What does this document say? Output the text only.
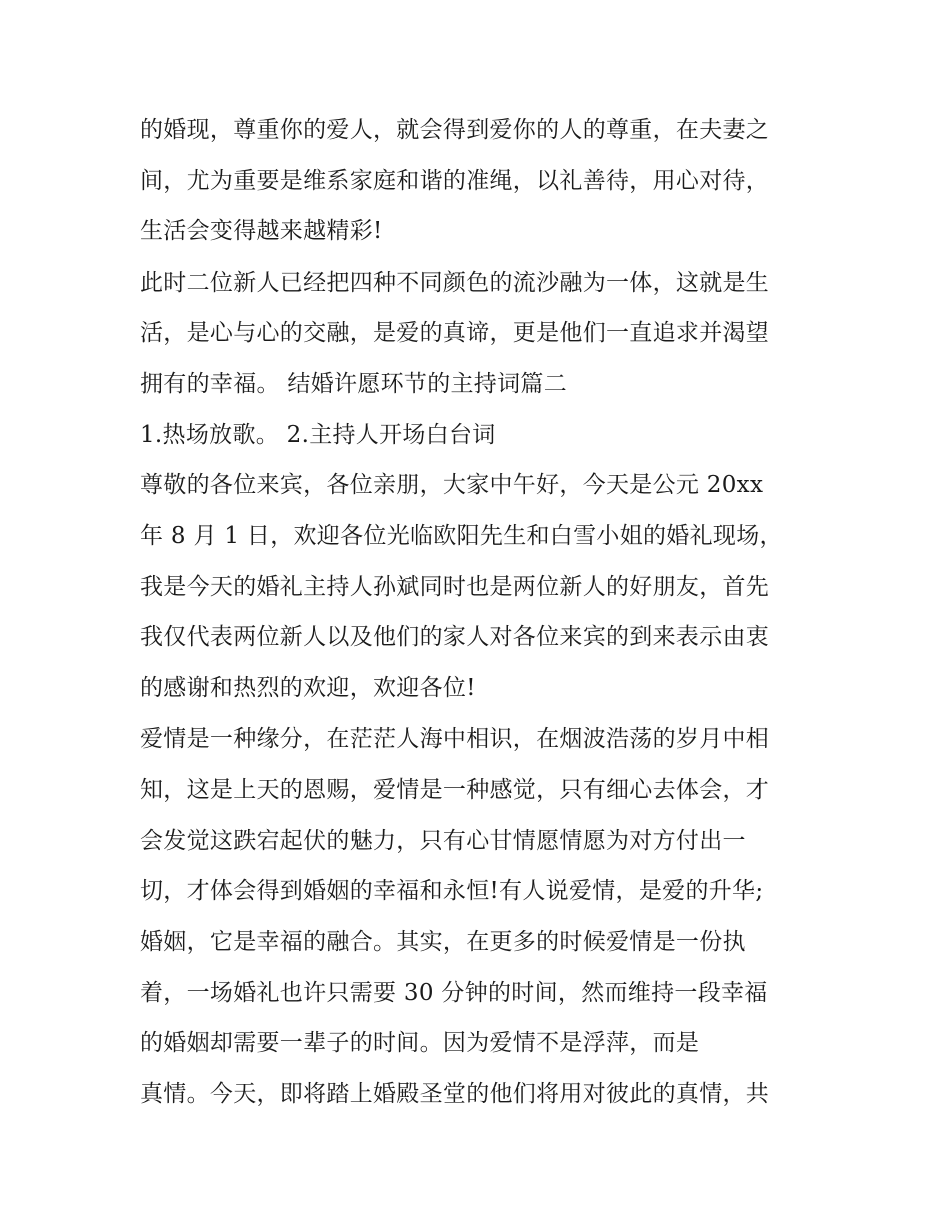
的婚现，尊重你的爱人，就会得到爱你的人的尊重，在夫妻之
间，尤为重要是维系家庭和谐的准绳，以礼善待，用心对待，
生活会变得越来越精彩!
此时二位新人已经把四种不同颜色的流沙融为一体，这就是生
活，是心与心的交融，是爱的真谛，更是他们一直追求并渴望
拥有的幸福。 结婚许愿环节的主持词篇二
1.热场放歌。 2.主持人开场白台词
尊敬的各位来宾，各位亲朋，大家中午好，今天是公元 20xx
年 8 月 1 日，欢迎各位光临欧阳先生和白雪小姐的婚礼现场，
我是今天的婚礼主持人孙斌同时也是两位新人的好朋友，首先
我仅代表两位新人以及他们的家人对各位来宾的到来表示由衷
的感谢和热烈的欢迎，欢迎各位!
爱情是一种缘分，在茫茫人海中相识，在烟波浩荡的岁月中相
知，这是上天的恩赐，爱情是一种感觉，只有细心去体会，才
会发觉这跌宕起伏的魅力，只有心甘情愿情愿为对方付出一
切，才体会得到婚姻的幸福和永恒!有人说爱情，是爱的升华;
婚姻，它是幸福的融合。其实，在更多的时候爱情是一份执
着，一场婚礼也许只需要 30 分钟的时间，然而维持一段幸福
的婚姻却需要一辈子的时间。因为爱情不是浮萍，而是
真情。今天，即将踏上婚殿圣堂的他们将用对彼此的真情，共
